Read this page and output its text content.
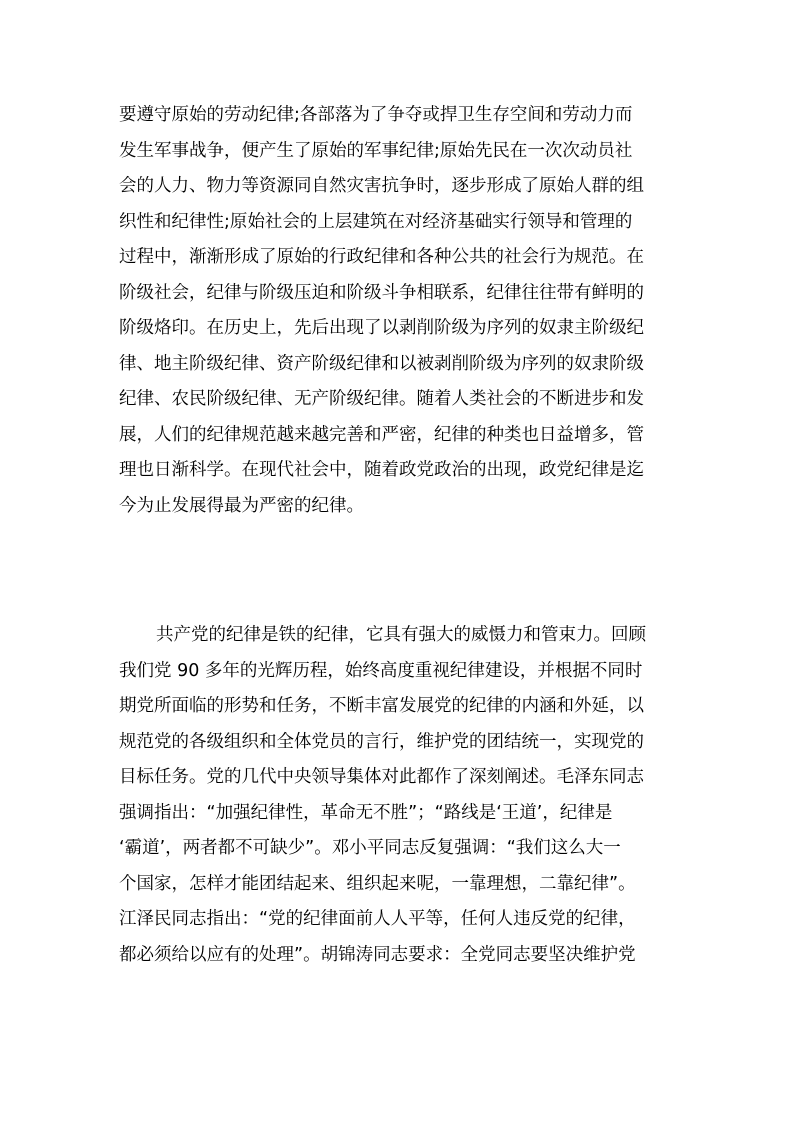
要遵守原始的劳动纪律;各部落为了争夺或捍卫生存空间和劳动力而

发生军事战争，便产生了原始的军事纪律;原始先民在一次次动员社

会的人力、物力等资源同自然灾害抗争时，逐步形成了原始人群的组

织性和纪律性;原始社会的上层建筑在对经济基础实行领导和管理的

过程中，渐渐形成了原始的行政纪律和各种公共的社会行为规范。在

阶级社会，纪律与阶级压迫和阶级斗争相联系，纪律往往带有鲜明的

阶级烙印。在历史上，先后出现了以剥削阶级为序列的奴隶主阶级纪

律、地主阶级纪律、资产阶级纪律和以被剥削阶级为序列的奴隶阶级

纪律、农民阶级纪律、无产阶级纪律。随着人类社会的不断进步和发

展，人们的纪律规范越来越完善和严密，纪律的种类也日益增多，管

理也日渐科学。在现代社会中，随着政党政治的出现，政党纪律是迄

今为止发展得最为严密的纪律。

共产党的纪律是铁的纪律，它具有强大的威慑力和管束力。回顾

我们党 90 多年的光辉历程，始终高度重视纪律建设，并根据不同时

期党所面临的形势和任务，不断丰富发展党的纪律的内涵和外延，以

规范党的各级组织和全体党员的言行，维护党的团结统一，实现党的

目标任务。党的几代中央领导集体对此都作了深刻阐述。毛泽东同志

强调指出：“加强纪律性，革命无不胜”；“路线是‘王道’，纪律是

‘霸道’，两者都不可缺少”。邓小平同志反复强调：“我们这么大一

个国家，怎样才能团结起来、组织起来呢，一靠理想，二靠纪律”。

江泽民同志指出：“党的纪律面前人人平等，任何人违反党的纪律，

都必须给以应有的处理”。胡锦涛同志要求：全党同志要坚决维护党
